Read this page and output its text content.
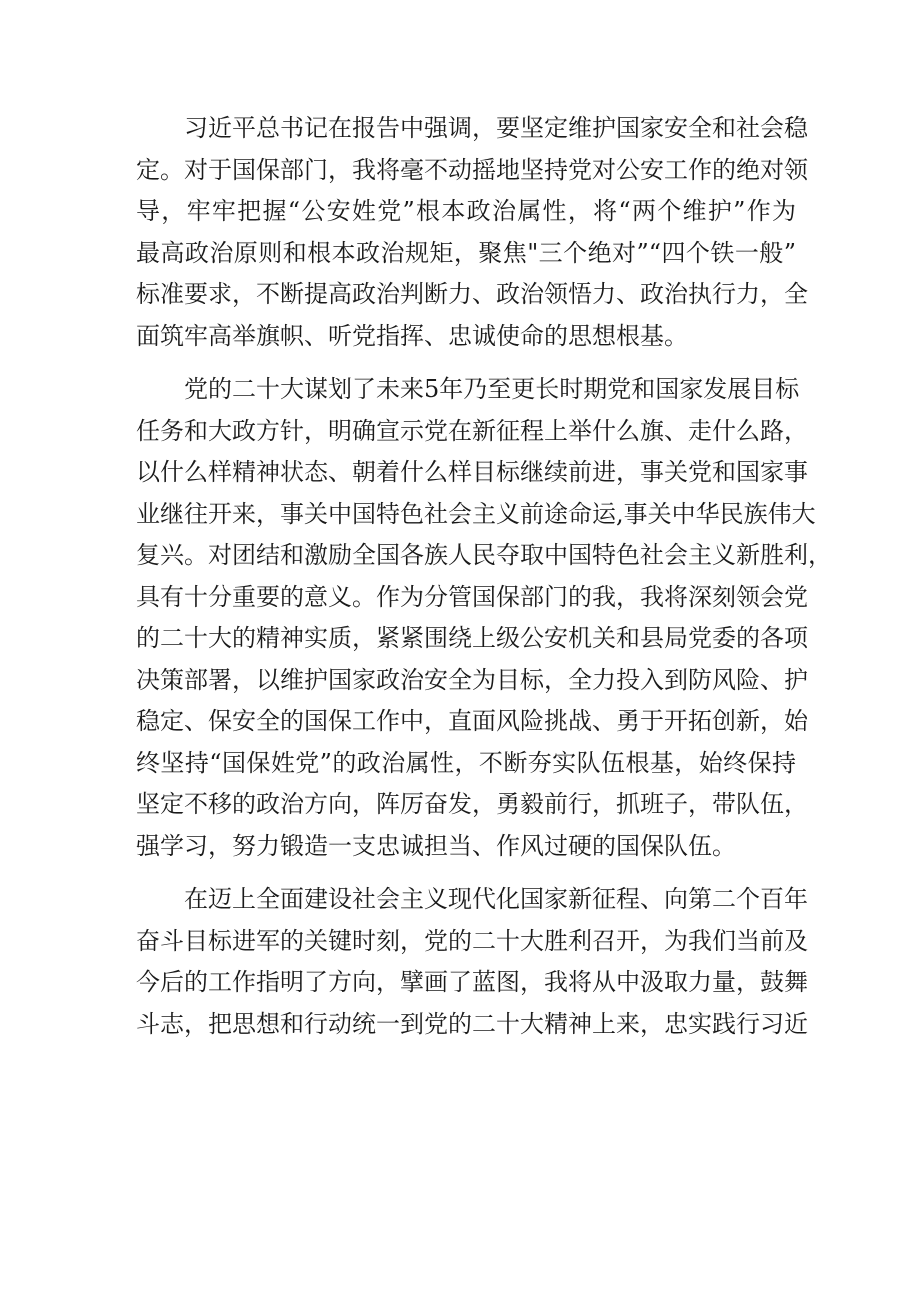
习近平总书记在报告中强调，要坚定维护国家安全和社会稳
定。对于国保部门，我将毫不动摇地坚持党对公安工作的绝对领
导，牢牢把握“公安姓党”根本政治属性，将“两个维护”作为
最高政治原则和根本政治规矩，聚焦"三个绝对”“四个铁一般”
标准要求，不断提高政治判断力、政治领悟力、政治执行力，全
面筑牢高举旗帜、听党指挥、忠诚使命的思想根基。
党的二十大谋划了未来5年乃至更长时期党和国家发展目标
任务和大政方针，明确宣示党在新征程上举什么旗、走什么路，
以什么样精神状态、朝着什么样目标继续前进，事关党和国家事
业继往开来，事关中国特色社会主义前途命运,事关中华民族伟大
复兴。对团结和激励全国各族人民夺取中国特色社会主义新胜利，
具有十分重要的意义。作为分管国保部门的我，我将深刻领会党
的二十大的精神实质，紧紧围绕上级公安机关和县局党委的各项
决策部署，以维护国家政治安全为目标，全力投入到防风险、护
稳定、保安全的国保工作中，直面风险挑战、勇于开拓创新，始
终坚持“国保姓党”的政治属性，不断夯实队伍根基，始终保持
坚定不移的政治方向，阵厉奋发，勇毅前行，抓班子，带队伍，
强学习，努力锻造一支忠诚担当、作风过硬的国保队伍。
在迈上全面建设社会主义现代化国家新征程、向第二个百年
奋斗目标进军的关键时刻，党的二十大胜利召开，为我们当前及
今后的工作指明了方向，擘画了蓝图，我将从中汲取力量，鼓舞
斗志，把思想和行动统一到党的二十大精神上来，忠实践行习近
